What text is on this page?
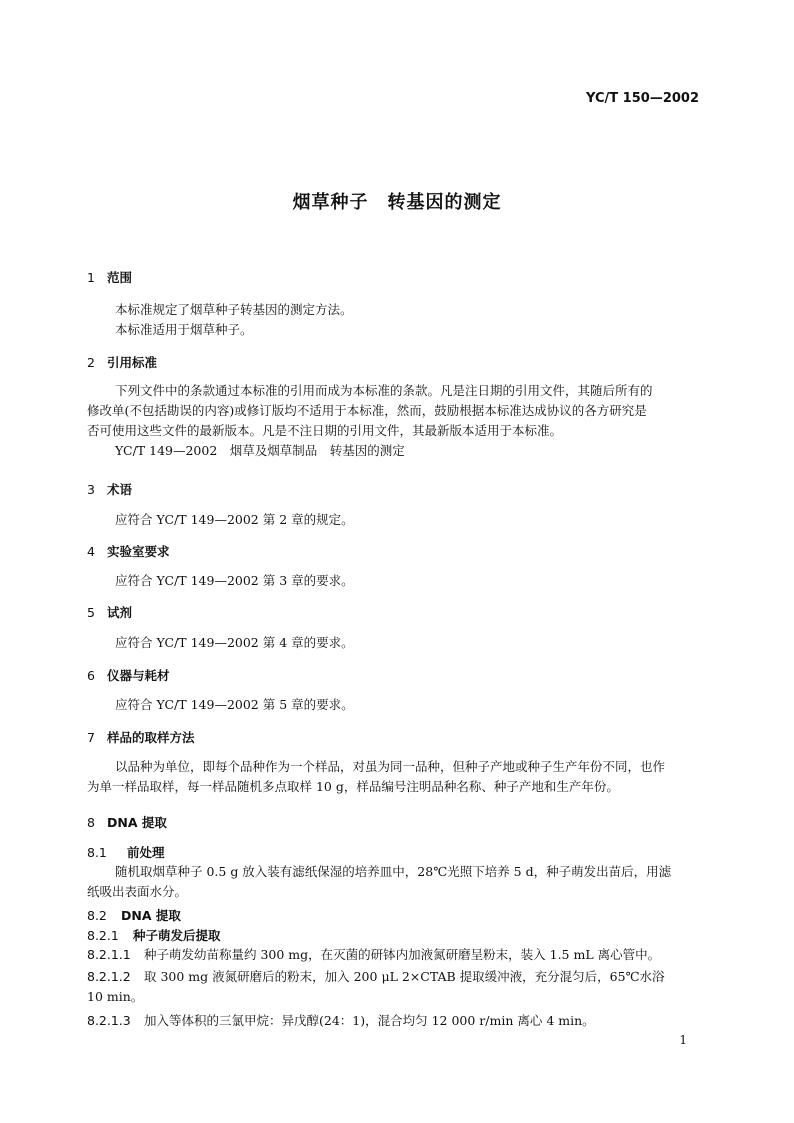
YC/T 150—2002
烟草种子　转基因的测定
1 范围
本标准规定了烟草种子转基因的测定方法。
本标准适用于烟草种子。
2 引用标准
下列文件中的条款通过本标准的引用而成为本标准的条款。凡是注日期的引用文件，其随后所有的
修改单(不包括勘误的内容)或修订版均不适用于本标准，然而，鼓励根据本标准达成协议的各方研究是
否可使用这些文件的最新版本。凡是不注日期的引用文件，其最新版本适用于本标准。
YC/T 149—2002　烟草及烟草制品　转基因的测定
3 术语
应符合 YC/T 149—2002 第 2 章的规定。
4 实验室要求
应符合 YC/T 149—2002 第 3 章的要求。
5 试剂
应符合 YC/T 149—2002 第 4 章的要求。
6 仪器与耗材
应符合 YC/T 149—2002 第 5 章的要求。
7 样品的取样方法
以品种为单位，即每个品种作为一个样品，对虽为同一品种，但种子产地或种子生产年份不同，也作
为单一样品取样，每一样品随机多点取样 10 g，样品编号注明品种名称、种子产地和生产年份。
8 DNA 提取
8.1 前处理
随机取烟草种子 0.5 g 放入装有滤纸保湿的培养皿中，28℃光照下培养 5 d，种子萌发出苗后，用滤
纸吸出表面水分。
8.2 DNA 提取
8.2.1 种子萌发后提取
8.2.1.1 种子萌发幼苗称量约 300 mg，在灭菌的研钵内加液氮研磨呈粉末，装入 1.5 mL 离心管中。
8.2.1.2 取 300 mg 液氮研磨后的粉末，加入 200 μL 2×CTAB 提取缓冲液，充分混匀后，65℃水浴
10 min。
8.2.1.3 加入等体积的三氯甲烷：异戊醇(24：1)，混合均匀 12 000 r/min 离心 4 min。
1
